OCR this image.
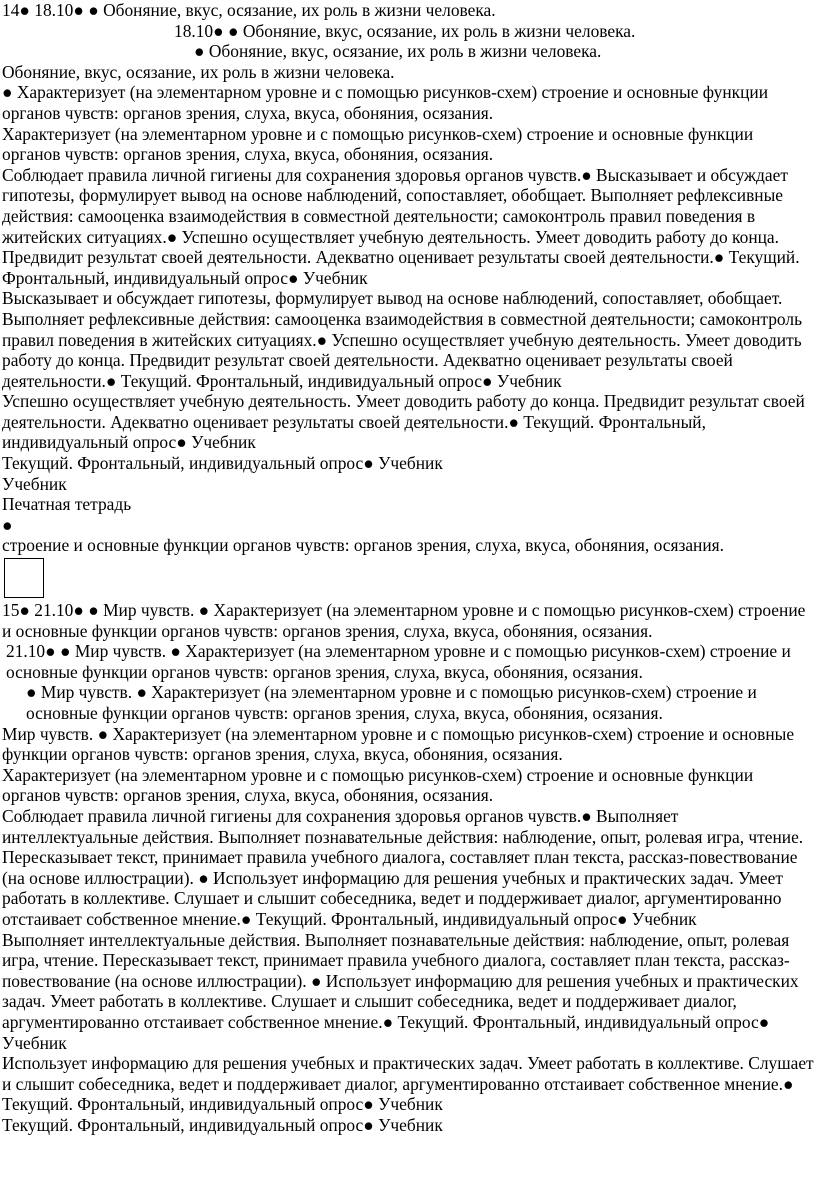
14● 18.10● ● Обоняние, вкус, осязание, их роль в жизни человека.

18.10● ● Обоняние, вкус, осязание, их роль в жизни человека.

● Обоняние, вкус, осязание, их роль в жизни человека.

Обоняние, вкус, осязание, их роль в жизни человека.

● Характеризует (на элементарном уровне и с помощью рисунков-схем) строение и основные функции органов чувств: органов зрения, слуха, вкуса, обоняния, осязания.

Характеризует (на элементарном уровне и с помощью рисунков-схем) строение и основные функции органов чувств: органов зрения, слуха, вкуса, обоняния, осязания.

Соблюдает правила личной гигиены для сохранения здоровья органов чувств.● Высказывает и обсуждает гипотезы, формулирует вывод на основе наблюдений, сопоставляет, обобщает. Выполняет рефлексивные действия: самооценка взаимодействия в совместной деятельности; самоконтроль правил поведения в житейских ситуациях.● Успешно осуществляет учебную деятельность. Умеет доводить работу до конца. Предвидит результат своей деятельности. Адекватно оценивает результаты своей деятельности.● Текущий. Фронтальный, индивидуальный опрос● Учебник

Высказывает и обсуждает гипотезы, формулирует вывод на основе наблюдений, сопоставляет, обобщает. Выполняет рефлексивные действия: самооценка взаимодействия в совместной деятельности; самоконтроль правил поведения в житейских ситуациях.● Успешно осуществляет учебную деятельность. Умеет доводить работу до конца. Предвидит результат своей деятельности. Адекватно оценивает результаты своей деятельности.● Текущий. Фронтальный, индивидуальный опрос● Учебник

Успешно осуществляет учебную деятельность. Умеет доводить работу до конца. Предвидит результат своей деятельности. Адекватно оценивает результаты своей деятельности.● Текущий. Фронтальный, индивидуальный опрос● Учебник

Текущий. Фронтальный, индивидуальный опрос● Учебник

Учебник

Печатная тетрадь

●

строение и основные функции органов чувств: органов зрения, слуха, вкуса, обоняния, осязания.

15● 21.10● ● Мир чувств. ● Характеризует (на элементарном уровне и с помощью рисунков-схем) строение и основные функции органов чувств: органов зрения, слуха, вкуса, обоняния, осязания.

21.10● ● Мир чувств. ● Характеризует (на элементарном уровне и с помощью рисунков-схем) строение и основные функции органов чувств: органов зрения, слуха, вкуса, обоняния, осязания.

● Мир чувств. ● Характеризует (на элементарном уровне и с помощью рисунков-схем) строение и основные функции органов чувств: органов зрения, слуха, вкуса, обоняния, осязания.

Мир чувств. ● Характеризует (на элементарном уровне и с помощью рисунков-схем) строение и основные функции органов чувств: органов зрения, слуха, вкуса, обоняния, осязания.

Характеризует (на элементарном уровне и с помощью рисунков-схем) строение и основные функции органов чувств: органов зрения, слуха, вкуса, обоняния, осязания.

Соблюдает правила личной гигиены для сохранения здоровья органов чувств.● Выполняет интеллектуальные действия. Выполняет познавательные действия: наблюдение, опыт, ролевая игра, чтение. Пересказывает текст, принимает правила учебного диалога, составляет план текста, рассказ-повествование (на основе иллюстрации). ● Использует информацию для решения учебных и практических задач. Умеет работать в коллективе. Слушает и слышит собеседника, ведет и поддерживает диалог, аргументированно отстаивает собственное мнение.● Текущий. Фронтальный, индивидуальный опрос● Учебник

Выполняет интеллектуальные действия. Выполняет познавательные действия: наблюдение, опыт, ролевая игра, чтение. Пересказывает текст, принимает правила учебного диалога, составляет план текста, рассказ-повествование (на основе иллюстрации). ● Использует информацию для решения учебных и практических задач. Умеет работать в коллективе. Слушает и слышит собеседника, ведет и поддерживает диалог, аргументированно отстаивает собственное мнение.● Текущий. Фронтальный, индивидуальный опрос● Учебник

Использует информацию для решения учебных и практических задач. Умеет работать в коллективе. Слушает и слышит собеседника, ведет и поддерживает диалог, аргументированно отстаивает собственное мнение.● Текущий. Фронтальный, индивидуальный опрос● Учебник

Текущий. Фронтальный, индивидуальный опрос● Учебник
